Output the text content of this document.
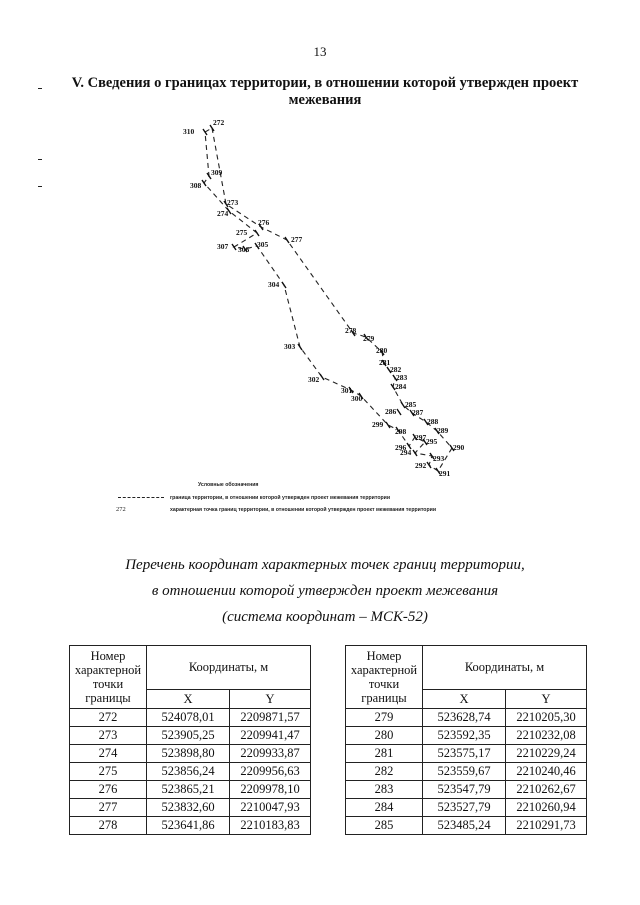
13
V. Сведения о границах территории, в отношении которой утвержден проект межевания
310
272
309
308
273
274
276
275
277
307 306
305
304
278
279
303	280
281
282
283
302
284
301
300
285
286 287
288
299
298	289
297 295
296	290
294
293
292
291
Условные обозначения
граница территории, в отношении которой утвержден проект межевания территории
272	характерная точка границ территории, в отношении которой утвержден проект межевания территории
Перечень координат характерных точек границ территории,
в отношении которой утвержден проект межевания
(система координат – МСК-52)
Номер характерной точки границы	Координаты, м	
	X	Y
272	524078,01	2209871,57
273	523905,25	2209941,47
274	523898,80	2209933,87
275	523856,24	2209956,63
276	523865,21	2209978,10
277	523832,60	2210047,93
278	523641,86	2210183,83
Номер характерной точки границы	Координаты, м	
	X	Y
279	523628,74	2210205,30
280	523592,35	2210232,08
281	523575,17	2210229,24
282	523559,67	2210240,46
283	523547,79	2210262,67
284	523527,79	2210260,94
285	523485,24	2210291,73
